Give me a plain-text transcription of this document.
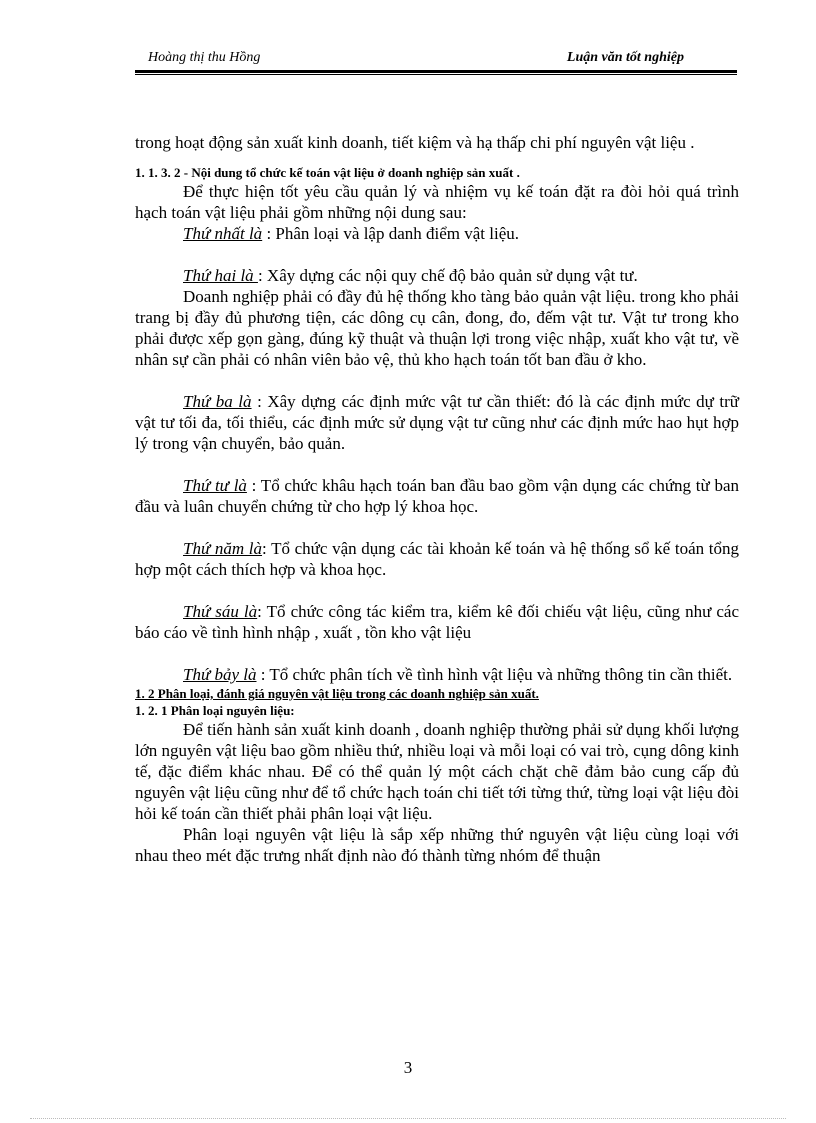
Hoàng thị thu Hồng	Luận văn tốt nghiệp

trong hoạt động sản xuất kinh doanh, tiết kiệm và hạ thấp chi phí nguyên vật liệu .

1. 1. 3. 2 - Nội dung tổ chức kế toán vật liệu ở doanh nghiệp sản xuất .

Để thực hiện tốt yêu cầu quản lý và nhiệm vụ kế toán đặt ra đòi hỏi quá trình hạch toán vật liệu phải gồm những nội dung sau:

Thứ nhất là : Phân loại và lập danh điểm vật liệu.

Thứ hai là : Xây dựng các nội quy chế độ bảo quản sử dụng vật tư.

Doanh nghiệp phải có đầy đủ hệ thống kho tàng bảo quản vật liệu. trong kho phải trang bị đầy đủ phương tiện, các dông cụ cân, đong, đo, đếm vật tư. Vật tư trong kho phải được xếp gọn gàng, đúng kỹ thuật và thuận lợi trong việc nhập, xuất kho vật tư, về nhân sự cần phải có nhân viên bảo vệ, thủ kho hạch toán tốt ban đầu ở kho.

Thứ ba là : Xây dựng các định mức vật tư cần thiết: đó là các định mức dự trữ vật tư tối đa, tối thiểu, các định mức sử dụng vật tư cũng như các định mức hao hụt hợp lý trong vận chuyển, bảo quản.

Thứ tư là : Tổ chức khâu hạch toán ban đầu bao gồm vận dụng các chứng từ ban đầu và luân chuyển chứng từ cho hợp lý khoa học.

Thứ năm là: Tổ chức vận dụng các tài khoản kế toán và hệ thống sổ kế toán tổng hợp một cách thích hợp và khoa học.

Thứ sáu là: Tổ chức công tác kiểm tra, kiểm kê đối chiếu vật liệu, cũng như các báo cáo về tình hình nhập , xuất , tồn kho vật liệu

Thứ bảy là : Tổ chức phân tích về tình hình vật liệu và những thông tin cần thiết.

1. 2 Phân loại, đánh giá nguyên vật liệu trong các doanh nghiệp sản xuất.

1. 2. 1 Phân loại nguyên liệu:

Để tiến hành sản xuất kinh doanh , doanh nghiệp thường phải sử dụng khối lượng lớn nguyên vật liệu bao gồm nhiều thứ, nhiều loại và mỗi loại có vai trò, cụng dông kinh tế, đặc điểm khác nhau. Để có thể quản lý một cách chặt chẽ đảm bảo cung cấp đủ nguyên vật liệu cũng như để tổ chức hạch toán chi tiết tới từng thứ, từng loại vật liệu đòi hỏi kế toán cần thiết phải phân loại vật liệu.

Phân loại nguyên vật liệu là sắp xếp những thứ nguyên vật liệu cùng loại với nhau theo mét đặc trưng nhất định nào đó thành từng nhóm để thuận

3
